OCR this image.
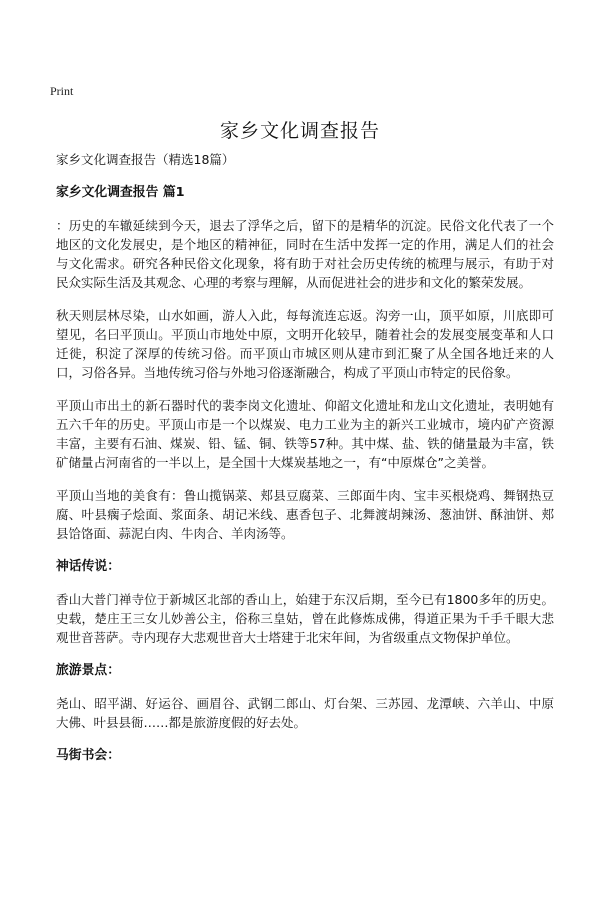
Print
家乡文化调查报告

家乡文化调查报告（精选18篇）

家乡文化调查报告 篇1

：历史的车辙延续到今天，退去了浮华之后，留下的是精华的沉淀。民俗文化代表了一个地区的文化发展史，是个地区的精神征，同时在生活中发挥一定的作用，满足人们的社会与文化需求。研究各种民俗文化现象，将有助于对社会历史传统的梳理与展示，有助于对民众实际生活及其观念、心理的考察与理解，从而促进社会的进步和文化的繁荣发展。

秋天则层林尽染，山水如画，游人入此，每每流连忘返。沟旁一山，顶平如原，川底即可望见，名曰平顶山。平顶山市地处中原，文明开化较早，随着社会的发展变展变革和人口迁徙，积淀了深厚的传统习俗。而平顶山市城区则从建市到汇聚了从全国各地迁来的人口，习俗各异。当地传统习俗与外地习俗逐渐融合，构成了平顶山市特定的民俗象。

平顶山市出土的新石器时代的裴李岗文化遗址、仰韶文化遗址和龙山文化遗址，表明她有五六千年的历史。平顶山市是一个以煤炭、电力工业为主的新兴工业城市，境内矿产资源丰富，主要有石油、煤炭、铅、锰、铜、铁等57种。其中煤、盐、铁的储量最为丰富，铁矿储量占河南省的一半以上，是全国十大煤炭基地之一，有“中原煤仓”之美誉。

平顶山当地的美食有：鲁山揽锅菜、郏县豆腐菜、三郎面牛肉、宝丰买根烧鸡、舞钢热豆腐、叶县瘸子烩面、浆面条、胡记米线、惠香包子、北舞渡胡辣汤、葱油饼、酥油饼、郏县饸饹面、蒜泥白肉、牛肉合、羊肉汤等。

神话传说：

香山大普门禅寺位于新城区北部的香山上，始建于东汉后期，至今已有1800多年的历史。史载，楚庄王三女儿妙善公主，俗称三皇姑，曾在此修炼成佛，得道正果为千手千眼大悲观世音菩萨。寺内现存大悲观世音大士塔建于北宋年间，为省级重点文物保护单位。

旅游景点：

尧山、昭平湖、好运谷、画眉谷、武钢二郎山、灯台架、三苏园、龙潭峡、六羊山、中原大佛、叶县县衙……都是旅游度假的好去处。

马街书会：
